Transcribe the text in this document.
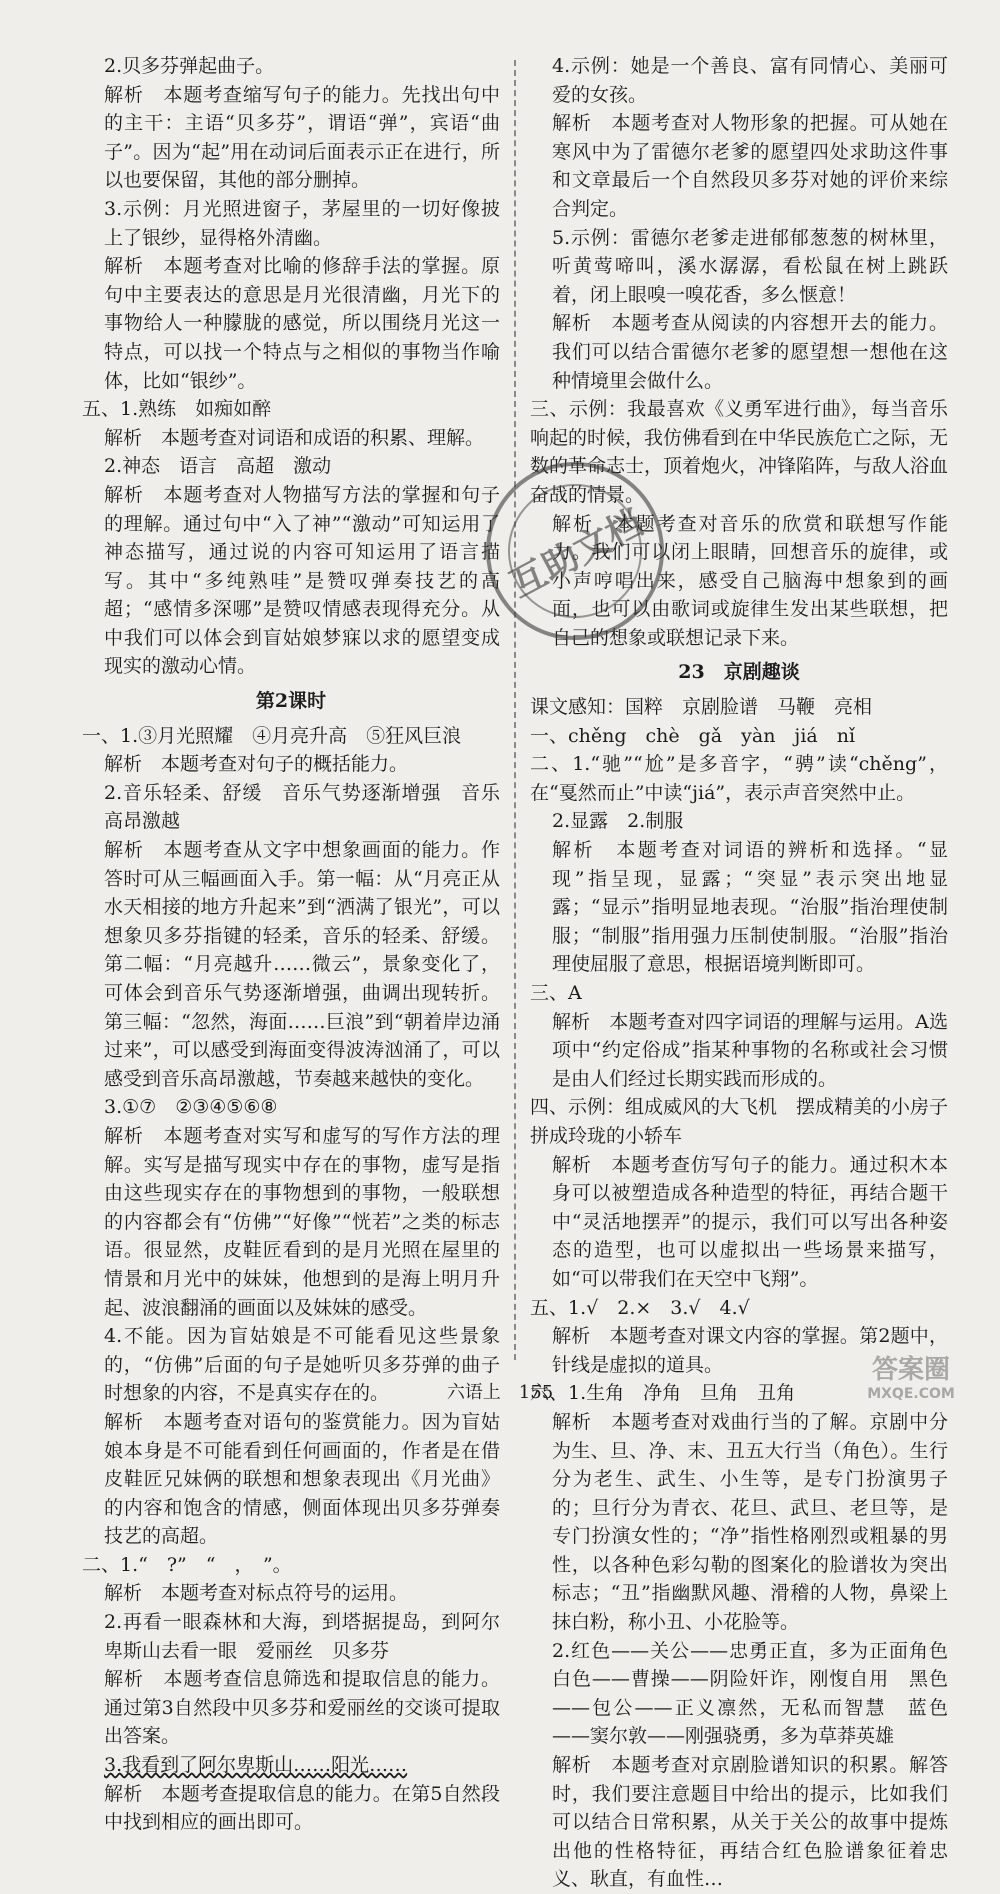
2.贝多芬弹起曲子。

解析　本题考查缩写句子的能力。先找出句中的主干：主语“贝多芬”，谓语“弹”，宾语“曲子”。因为“起”用在动词后面表示正在进行，所以也要保留，其他的部分删掉。

3.示例：月光照进窗子，茅屋里的一切好像披上了银纱，显得格外清幽。

解析　本题考查对比喻的修辞手法的掌握。原句中主要表达的意思是月光很清幽，月光下的事物给人一种朦胧的感觉，所以围绕月光这一特点，可以找一个特点与之相似的事物当作喻体，比如“银纱”。

五、1.熟练　如痴如醉

解析　本题考查对词语和成语的积累、理解。

2.神态　语言　高超　激动

解析　本题考查对人物描写方法的掌握和句子的理解。通过句中“入了神”“激动”可知运用了神态描写，通过说的内容可知运用了语言描写。其中“多纯熟哇”是赞叹弹奏技艺的高超；“感情多深哪”是赞叹情感表现得充分。从中我们可以体会到盲姑娘梦寐以求的愿望变成现实的激动心情。

第2课时

一、1.③月光照耀　④月亮升高　⑤狂风巨浪

解析　本题考查对句子的概括能力。

2.音乐轻柔、舒缓　音乐气势逐渐增强　音乐高昂激越

解析　本题考查从文字中想象画面的能力。作答时可从三幅画面入手。第一幅：从“月亮正从水天相接的地方升起来”到“洒满了银光”，可以想象贝多芬指键的轻柔，音乐的轻柔、舒缓。第二幅：“月亮越升……微云”，景象变化了，可体会到音乐气势逐渐增强，曲调出现转折。第三幅：“忽然，海面……巨浪”到“朝着岸边涌过来”，可以感受到海面变得波涛汹涌了，可以感受到音乐高昂激越，节奏越来越快的变化。

3.①⑦　②③④⑤⑥⑧

解析　本题考查对实写和虚写的写作方法的理解。实写是描写现实中存在的事物，虚写是指由这些现实存在的事物想到的事物，一般联想的内容都会有“仿佛”“好像”“恍若”之类的标志语。很显然，皮鞋匠看到的是月光照在屋里的情景和月光中的妹妹，他想到的是海上明月升起、波浪翻涌的画面以及妹妹的感受。

4.不能。因为盲姑娘是不可能看见这些景象的，“仿佛”后面的句子是她听贝多芬弹的曲子时想象的内容，不是真实存在的。

解析　本题考查对语句的鉴赏能力。因为盲姑娘本身是不可能看到任何画面的，作者是在借皮鞋匠兄妹俩的联想和想象表现出《月光曲》的内容和饱含的情感，侧面体现出贝多芬弹奏技艺的高超。

二、1.“　?”　“　，　”。

解析　本题考查对标点符号的运用。

2.再看一眼森林和大海，到塔据提岛，到阿尔卑斯山去看一眼　爱丽丝　贝多芬

解析　本题考查信息筛选和提取信息的能力。通过第3自然段中贝多芬和爱丽丝的交谈可提取出答案。

3.我看到了阿尔卑斯山……阳光……

解析　本题考查提取信息的能力。在第5自然段中找到相应的画出即可。

4.示例：她是一个善良、富有同情心、美丽可爱的女孩。

解析　本题考查对人物形象的把握。可从她在寒风中为了雷德尔老爹的愿望四处求助这件事和文章最后一个自然段贝多芬对她的评价来综合判定。

5.示例：雷德尔老爹走进郁郁葱葱的树林里，听黄莺啼叫，溪水潺潺，看松鼠在树上跳跃着，闭上眼嗅一嗅花香，多么惬意！

解析　本题考查从阅读的内容想开去的能力。我们可以结合雷德尔老爹的愿望想一想他在这种情境里会做什么。

三、示例：我最喜欢《义勇军进行曲》，每当音乐响起的时候，我仿佛看到在中华民族危亡之际，无数的革命志士，顶着炮火，冲锋陷阵，与敌人浴血奋战的情景。

解析　本题考查对音乐的欣赏和联想写作能力。我们可以闭上眼睛，回想音乐的旋律，或小声哼唱出来，感受自己脑海中想象到的画面，也可以由歌词或旋律生发出某些联想，把自己的想象或联想记录下来。

23　京剧趣谈

课文感知：国粹　京剧脸谱　马鞭　亮相

一、chěng　chè　gǎ　yàn　jiá　nǐ

二、1.“驰”“尬”是多音字，“骋”读“chěng”，在“戛然而止”中读“jiá”，表示声音突然中止。

2.显露　2.制服

解析　本题考查对词语的辨析和选择。“显现”指呈现，显露；“突显”表示突出地显露；“显示”指明显地表现。“治服”指治理使制服；“制服”指用强力压制使制服。“治服”指治理使屈服了意思，根据语境判断即可。

三、A

解析　本题考查对四字词语的理解与运用。A选项中“约定俗成”指某种事物的名称或社会习惯是由人们经过长期实践而形成的。

四、示例：组成威风的大飞机　摆成精美的小房子　拼成玲珑的小轿车

解析　本题考查仿写句子的能力。通过积木本身可以被塑造成各种造型的特征，再结合题干中“灵活地摆弄”的提示，我们可以写出各种姿态的造型，也可以虚拟出一些场景来描写，如“可以带我们在天空中飞翔”。

五、1.√　2.×　3.√　4.√

解析　本题考查对课文内容的掌握。第2题中，针线是虚拟的道具。

六、1.生角　净角　旦角　丑角

解析　本题考查对戏曲行当的了解。京剧中分为生、旦、净、末、丑五大行当（角色）。生行分为老生、武生、小生等，是专门扮演男子的；旦行分为青衣、花旦、武旦、老旦等，是专门扮演女性的；“净”指性格刚烈或粗暴的男性，以各种色彩勾勒的图案化的脸谱妆为突出标志；“丑”指幽默风趣、滑稽的人物，鼻梁上抹白粉，称小丑、小花脸等。

2.红色——关公——忠勇正直，多为正面角色　白色——曹操——阴险奸诈，刚愎自用　黑色——包公——正义凛然，无私而智慧　蓝色——窦尔敦——刚强骁勇，多为草莽英雄

解析　本题考查对京剧脸谱知识的积累。解答时，我们要注意题目中给出的提示，比如我们可以结合日常积累，从关于关公的故事中提炼出他的性格特征，再结合红色脸谱象征着忠义、耿直，有血性…

互助文档
六语上　155
答案圈
MXQE.COM
